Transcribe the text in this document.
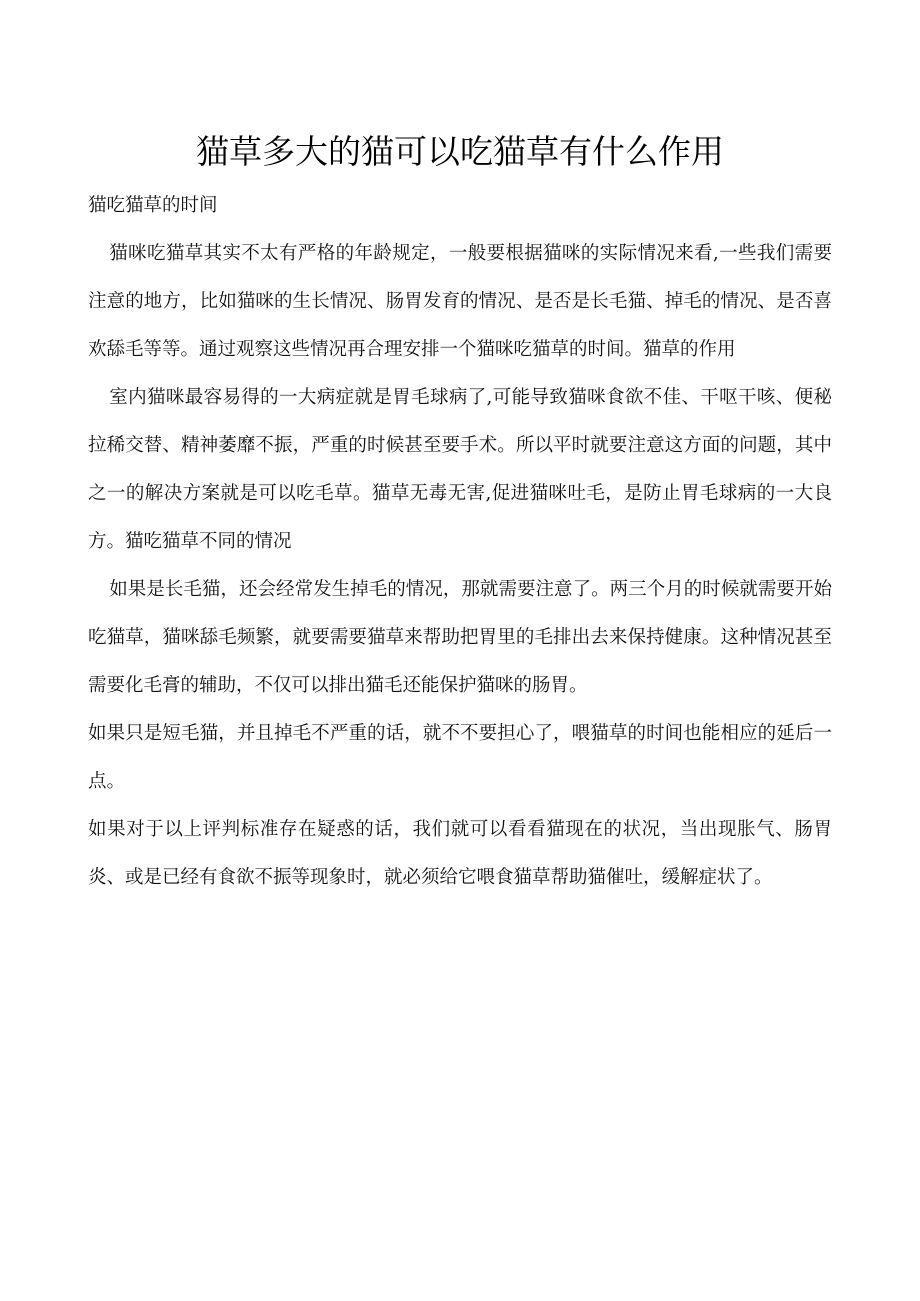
猫草多大的猫可以吃猫草有什么作用

猫吃猫草的时间

猫咪吃猫草其实不太有严格的年龄规定，一般要根据猫咪的实际情况来看,一些我们需要注意的地方，比如猫咪的生长情况、肠胃发育的情况、是否是长毛猫、掉毛的情况、是否喜欢舔毛等等。通过观察这些情况再合理安排一个猫咪吃猫草的时间。猫草的作用

室内猫咪最容易得的一大病症就是胃毛球病了,可能导致猫咪食欲不佳、干呕干咳、便秘拉稀交替、精神萎靡不振，严重的时候甚至要手术。所以平时就要注意这方面的问题，其中之一的解决方案就是可以吃毛草。猫草无毒无害,促进猫咪吐毛，是防止胃毛球病的一大良方。猫吃猫草不同的情况

如果是长毛猫，还会经常发生掉毛的情况，那就需要注意了。两三个月的时候就需要开始吃猫草，猫咪舔毛频繁，就要需要猫草来帮助把胃里的毛排出去来保持健康。这种情况甚至需要化毛膏的辅助，不仅可以排出猫毛还能保护猫咪的肠胃。

如果只是短毛猫，并且掉毛不严重的话，就不不要担心了，喂猫草的时间也能相应的延后一点。

如果对于以上评判标准存在疑惑的话，我们就可以看看猫现在的状况，当出现胀气、肠胃炎、或是已经有食欲不振等现象时，就必须给它喂食猫草帮助猫催吐，缓解症状了。
